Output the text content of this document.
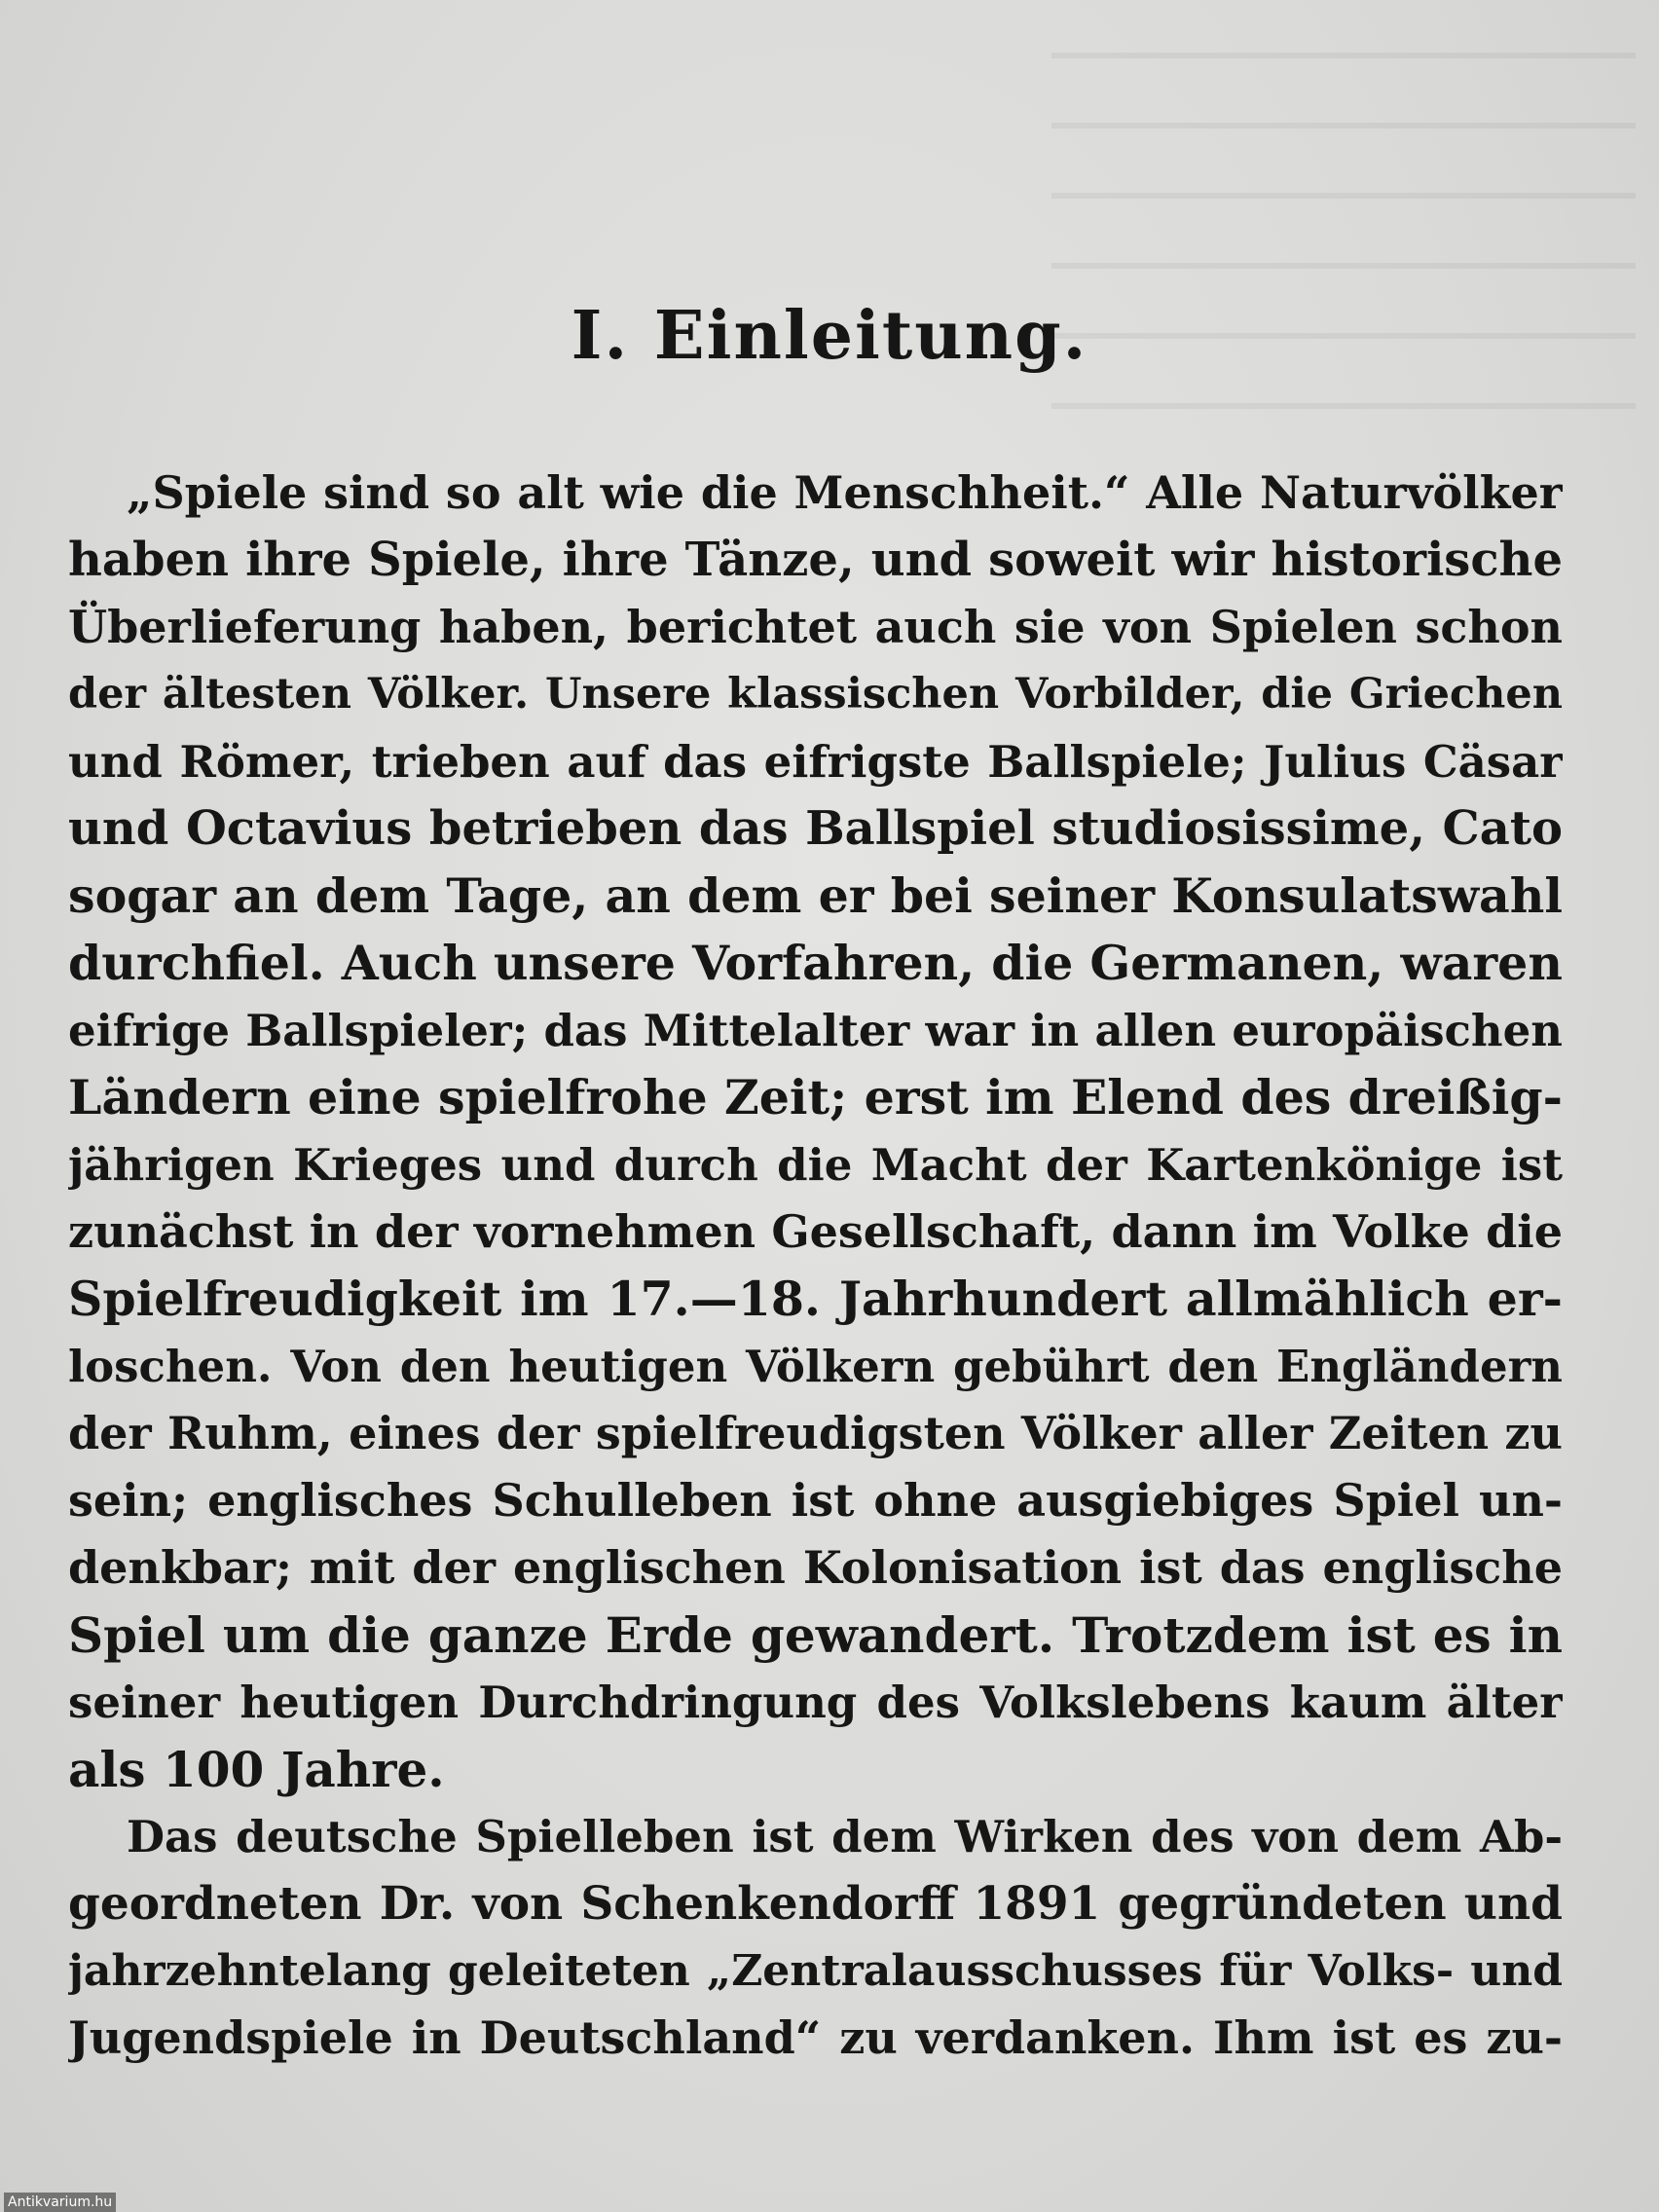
I. Einleitung.
„Spiele sind so alt wie die Menschheit.“ Alle Naturvölker
haben ihre Spiele, ihre Tänze, und soweit wir historische
Überlieferung haben, berichtet auch sie von Spielen schon
der ältesten Völker. Unsere klassischen Vorbilder, die Griechen
und Römer, trieben auf das eifrigste Ballspiele; Julius Cäsar
und Octavius betrieben das Ballspiel studiosissime, Cato
sogar an dem Tage, an dem er bei seiner Konsulatswahl
durchfiel. Auch unsere Vorfahren, die Germanen, waren
eifrige Ballspieler; das Mittelalter war in allen europäischen
Ländern eine spielfrohe Zeit; erst im Elend des dreißig-
jährigen Krieges und durch die Macht der Kartenkönige ist
zunächst in der vornehmen Gesellschaft, dann im Volke die
Spielfreudigkeit im 17.—18. Jahrhundert allmählich er-
loschen. Von den heutigen Völkern gebührt den Engländern
der Ruhm, eines der spielfreudigsten Völker aller Zeiten zu
sein; englisches Schulleben ist ohne ausgiebiges Spiel un-
denkbar; mit der englischen Kolonisation ist das englische
Spiel um die ganze Erde gewandert. Trotzdem ist es in
seiner heutigen Durchdringung des Volkslebens kaum älter
als 100 Jahre.
Das deutsche Spielleben ist dem Wirken des von dem Ab-
geordneten Dr. von Schenkendorff 1891 gegründeten und
jahrzehntelang geleiteten „Zentralausschusses für Volks- und
Jugendspiele in Deutschland“ zu verdanken. Ihm ist es zu-
Antikvarium.hu
